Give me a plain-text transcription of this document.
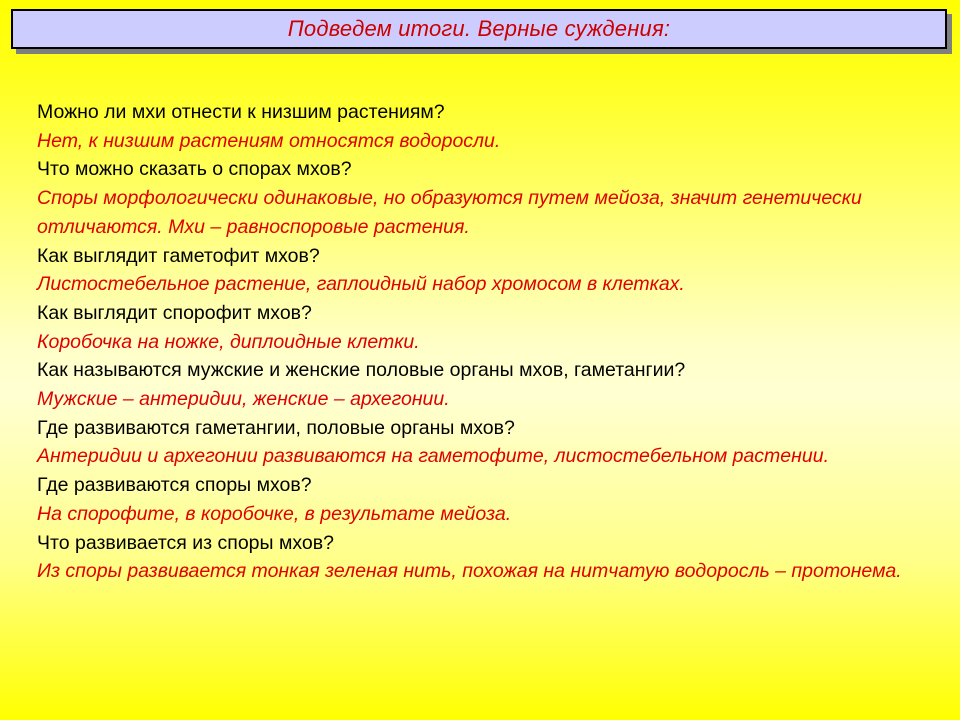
Подведем итоги. Верные суждения:

Можно ли мхи отнести к низшим растениям?

Нет, к низшим растениям относятся водоросли.

Что можно сказать о спорах мхов?

Споры морфологически одинаковые, но образуются путем мейоза, значит генетически отличаются. Мхи – равноспоровые растения.

Как выглядит гаметофит мхов?

Листостебельное растение, гаплоидный набор хромосом в клетках.

Как выглядит спорофит мхов?

Коробочка на ножке, диплоидные клетки.

Как называются мужские и женские половые органы мхов, гаметангии?

Мужские – антеридии, женские – архегонии.

Где развиваются гаметангии, половые органы мхов?

Антеридии и архегонии развиваются на гаметофите, листостебельном растении.

Где развиваются споры мхов?

На спорофите, в коробочке, в результате мейоза.

Что развивается из споры мхов?

Из споры развивается тонкая зеленая нить, похожая на нитчатую водоросль – протонема.
